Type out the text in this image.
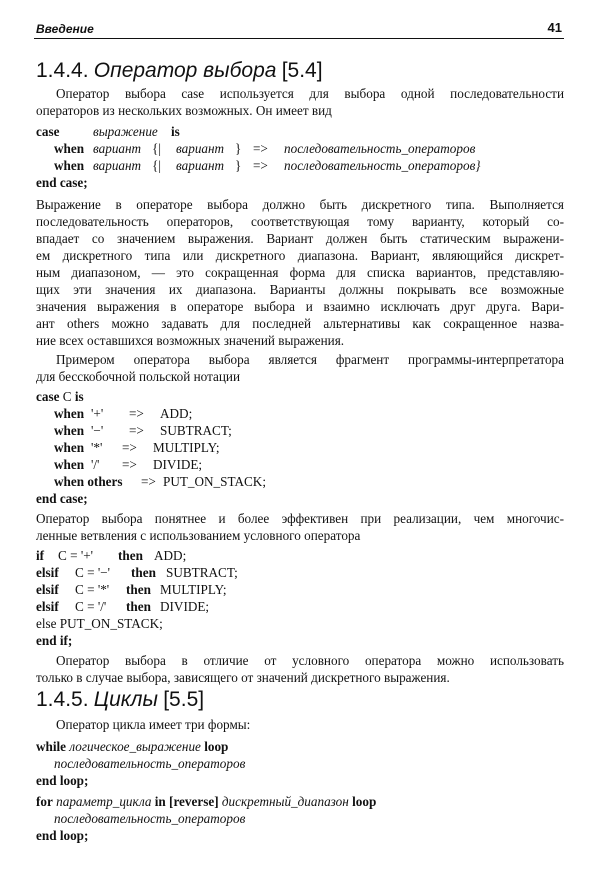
Введение	41
1.4.4. Оператор выбора [5.4]
Оператор выбора case используется для выбора одной последовательности
операторов из нескольких возможных. Он имеет вид
case	выражение is
when вариант {| вариант } => последовательность_операторов
when вариант {| вариант } => последовательность_операторов}
end case;
Выражение в операторе выбора должно быть дискретного типа. Выполняется
последовательность операторов, соответствующая тому варианту, который со-
впадает со значением выражения. Вариант должен быть статическим выражени-
ем дискретного типа или дискретного диапазона. Вариант, являющийся дискрет-
ным диапазоном, — это сокращенная форма для списка вариантов, представляю-
щих эти значения их диапазона. Варианты должны покрывать все возможные
значения выражения в операторе выбора и взаимно исключать друг друга. Вари-
ант others можно задавать для последней альтернативы как сокращенное назва-
ние всех оставшихся возможных значений выражения.
Примером оператора выбора является фрагмент программы-интерпретатора
для бесскобочной польской нотации
case C is
when '+' => ADD;
when '−' => SUBTRACT;
when '*' => MULTIPLY;
when '/' => DIVIDE;
when others => PUT_ON_STACK;
end case;
Оператор выбора понятнее и более эффективен при реализации, чем многочис-
ленные ветвления с использованием условного оператора
if C = '+' then ADD;
elsif C = '−' then SUBTRACT;
elsif C = '*' then MULTIPLY;
elsif C = '/' then DIVIDE;
else PUT_ON_STACK;
end if;
Оператор выбора в отличие от условного оператора можно использовать
только в случае выбора, зависящего от значений дискретного выражения.
1.4.5. Циклы [5.5]
Оператор цикла имеет три формы:
while логическое_выражение loop
последовательность_операторов
end loop;
for параметр_цикла in [reverse] дискретный_диапазон loop
последовательность_операторов
end loop;
